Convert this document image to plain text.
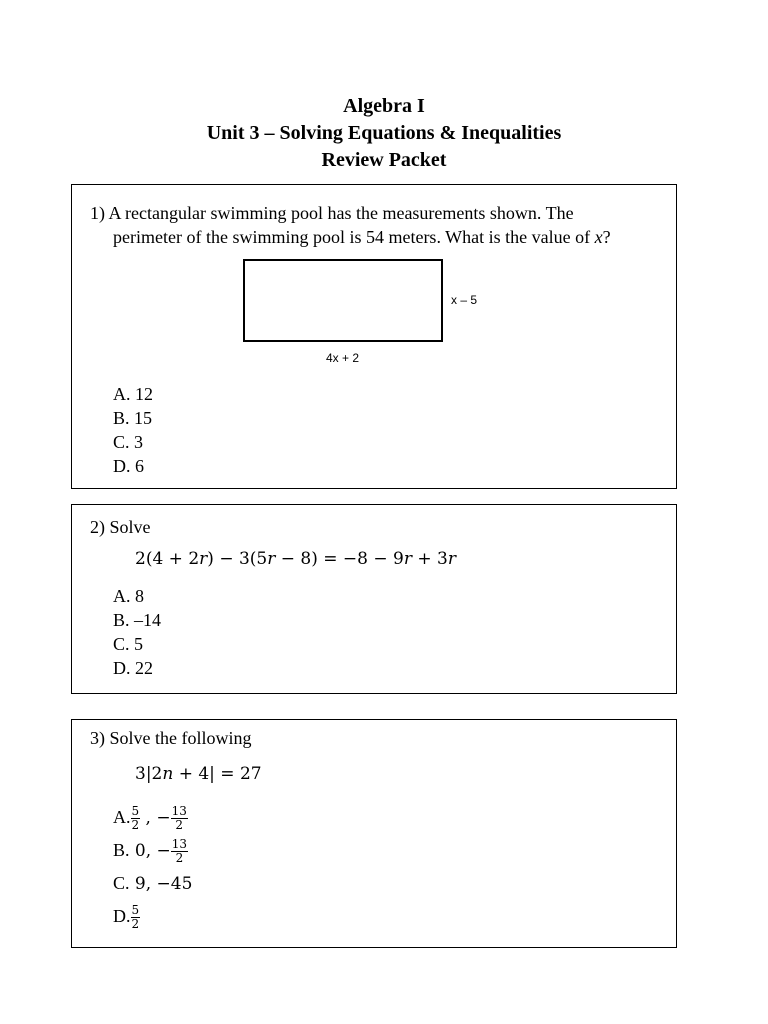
Algebra I
Unit 3 – Solving Equations & Inequalities
Review Packet
1) A rectangular swimming pool has the measurements shown. The
perimeter of the swimming pool is 54 meters. What is the value of x?
x – 5
4x + 2
A. 12
B. 15
C. 3
D. 6
2) Solve
2(4 + 2r) − 3(5r − 8) = −8 − 9r + 3r
A. 8
B. –14
C. 5
D. 22
3) Solve the following
3|2n + 4| = 27
A. $\frac{5}{2}$ , − $\frac{13}{2}$
B. 0, − $\frac{13}{2}$
C. 9, −45
D. $\frac{5}{2}$
